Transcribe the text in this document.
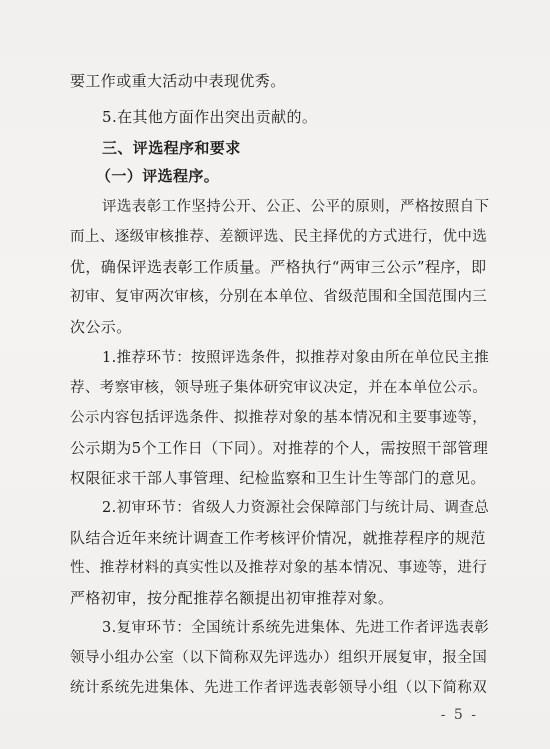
要工作或重大活动中表现优秀。
5.在其他方面作出突出贡献的。
三、评选程序和要求
（一）评选程序。
评选表彰工作坚持公开、公正、公平的原则，严格按照自下
而上、逐级审核推荐、差额评选、民主择优的方式进行，优中选
优，确保评选表彰工作质量。严格执行“两审三公示”程序，即
初审、复审两次审核，分别在本单位、省级范围和全国范围内三
次公示。
1.推荐环节：按照评选条件，拟推荐对象由所在单位民主推
荐、考察审核，领导班子集体研究审议决定，并在本单位公示。
公示内容包括评选条件、拟推荐对象的基本情况和主要事迹等，
公示期为5个工作日（下同）。对推荐的个人，需按照干部管理
权限征求干部人事管理、纪检监察和卫生计生等部门的意见。
2.初审环节：省级人力资源社会保障部门与统计局、调查总
队结合近年来统计调查工作考核评价情况，就推荐程序的规范
性、推荐材料的真实性以及推荐对象的基本情况、事迹等，进行
严格初审，按分配推荐名额提出初审推荐对象。
3.复审环节：全国统计系统先进集体、先进工作者评选表彰
领导小组办公室（以下简称双先评选办）组织开展复审，报全国
统计系统先进集体、先进工作者评选表彰领导小组（以下简称双
- 5 -
